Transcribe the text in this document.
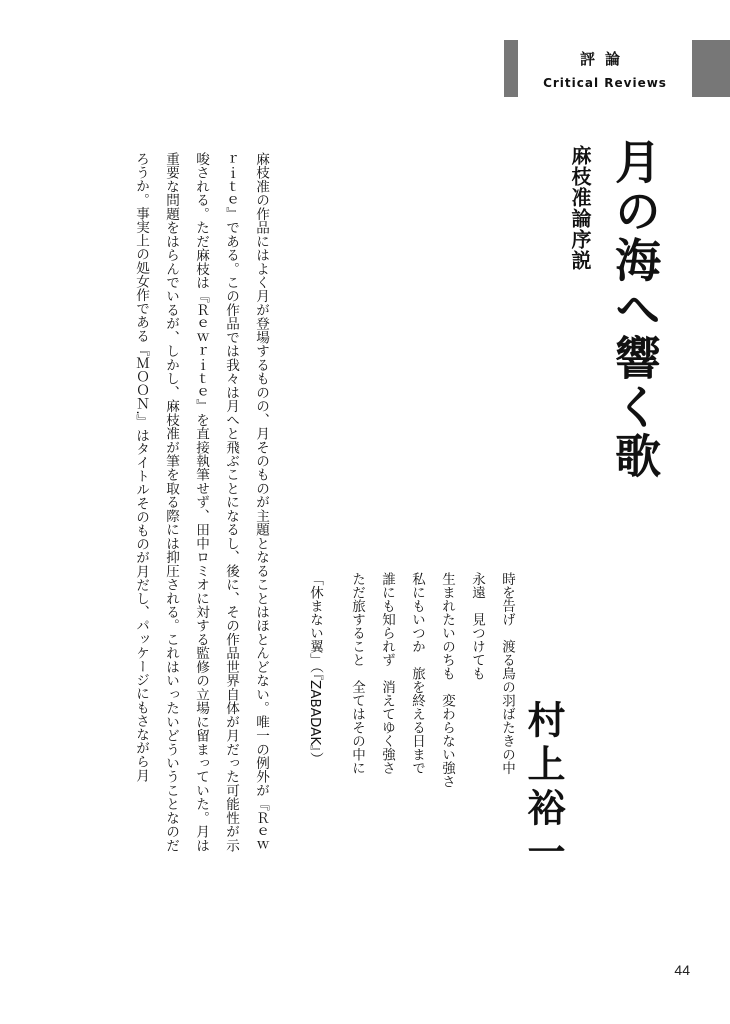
評論
Critical Reviews
月の海へ響く歌
麻枝准論序説
村上裕一
時を告げ　渡る鳥の羽ばたきの中
永遠　見つけても
生まれたいのちも　変わらない強さ
私にもいつか　旅を終える日まで
誰にも知られず　消えてゆく強さ
ただ旅すること　全てはその中に
「休まない翼」（『ZABADAK』）
麻枝准の作品にはよく月が登場するものの、月そのものが主題となることはほとんどない。唯一の例外が『Ｒｅｗｒｉｔｅ』である。この作品では我々は月へと飛ぶことになるし、後に、その作品世界自体が月だった可能性が示唆される。ただ麻枝は『Ｒｅｗｒｉｔｅ』を直接執筆せず、田中ロミオに対する監修の立場に留まっていた。月は重要な問題をはらんでいるが、しかし、麻枝准が筆を取る際には抑圧される。これはいったいどういうことなのだろうか。事実上の処女作である『ＭＯＯＮ.』はタイトルそのものが月だし、パッケージにもさながら月
44
